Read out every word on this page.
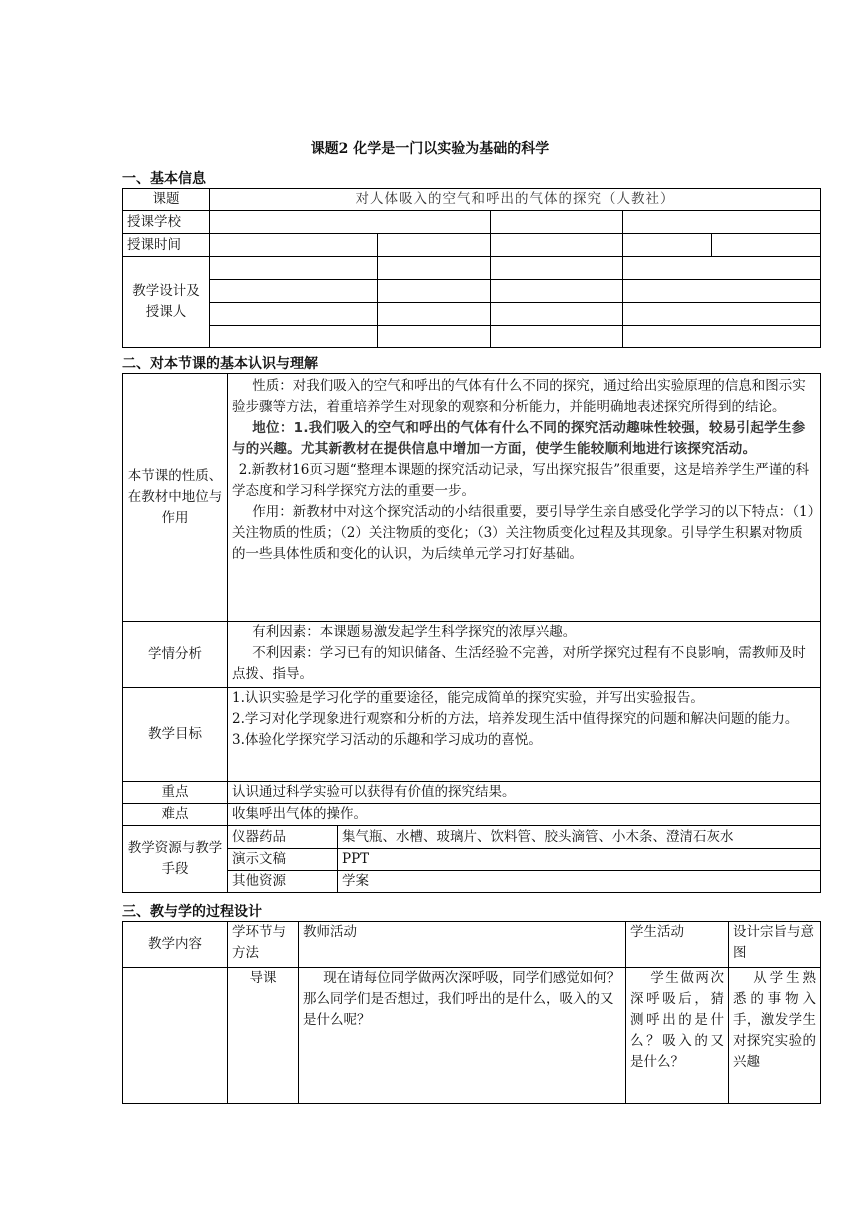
课题2 化学是一门以实验为基础的科学
一、基本信息
课题	对人体吸入的空气和呼出的气体的探究（人教社）				
授课学校					
授课时间					
教学设计及授课人					

二、对本节课的基本认识与理解
本节课的性质、在教材中地位与作用	性质：对我们吸入的空气和呼出的气体有什么不同的探究，通过给出实验原理的信息和图示实验步骤等方法，着重培养学生对现象的观察和分析能力，并能明确地表述探究所得到的结论。

地位：1.我们吸入的空气和呼出的气体有什么不同的探究活动趣味性较强，较易引起学生参与的兴趣。尤其新教材在提供信息中增加一方面，使学生能较顺利地进行该探究活动。

2.新教材16页习题“整理本课题的探究活动记录，写出探究报告”很重要，这是培养学生严谨的科学态度和学习科学探究方法的重要一步。

作用：新教材中对这个探究活动的小结很重要，要引导学生亲自感受化学学习的以下特点：（1）关注物质的性质；（2）关注物质的变化；（3）关注物质变化过程及其现象。引导学生积累对物质的一些具体性质和变化的认识，为后续单元学习打好基础。	

学情分析	有利因素：本课题易激发起学生科学探究的浓厚兴趣。

不利因素：学习已有的知识储备、生活经验不完善，对所学探究过程有不良影响，需教师及时点拨、指导。	

教学目标	1.认识实验是学习化学的重要途径，能完成简单的探究实验，并写出实验报告。

2.学习对化学现象进行观察和分析的方法，培养发现生活中值得探究的问题和解决问题的能力。

3.体验化学探究学习活动的乐趣和学习成功的喜悦。	

重点	认识通过科学实验可以获得有价值的探究结果。	
难点	收集呼出气体的操作。	
教学资源与教学手段	仪器药品	集气瓶、水槽、玻璃片、饮料管、胶头滴管、小木条、澄清石灰水
	演示文稿	PPT
	其他资源	学案
三、教与学的过程设计
教学内容	学环节与方法	教师活动	学生活动	设计宗旨与意图
	导课	现在请每位同学做两次深呼吸，同学们感觉如何？那么同学们是否想过，我们呼出的是什么，吸入的又是什么呢？	学生做两次深呼吸后，猜测呼出的是什么？吸入的又是什么？	从学生熟悉的事物入手，激发学生对探究实验的兴趣
